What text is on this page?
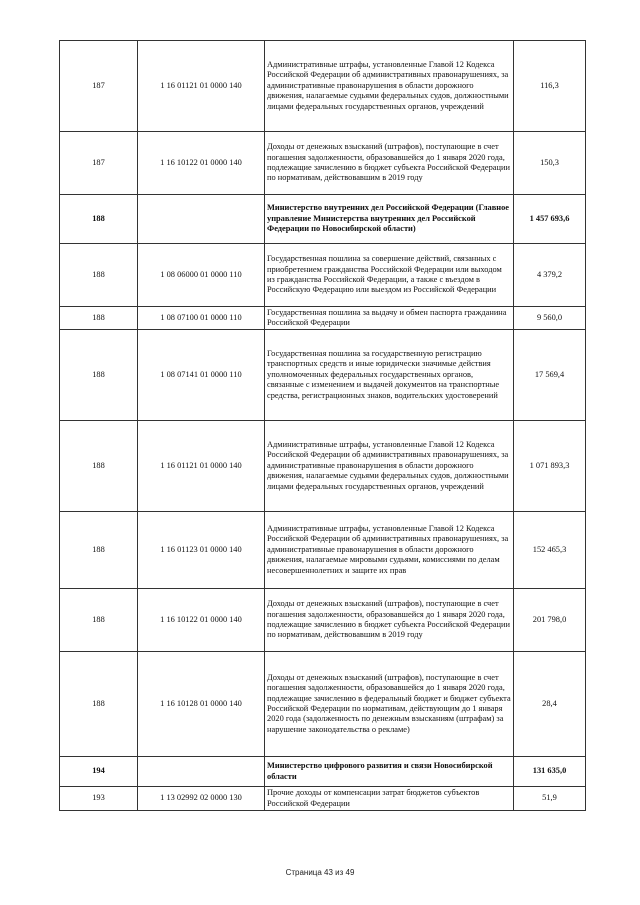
187	1 16 01121 01 0000 140	Административные штрафы, установленные Главой 12 Кодекса Российской Федерации об административных правонарушениях, за административные правонарушения в области дорожного движения, налагаемые судьями федеральных судов, должностными лицами федеральных государственных органов, учреждений	116,3
187	1 16 10122 01 0000 140	Доходы от денежных взысканий (штрафов), поступающие в счет погашения задолженности, образовавшейся до 1 января 2020 года, подлежащие зачислению в бюджет субъекта Российской Федерации по нормативам, действовавшим в 2019 году	150,3
188		Министерство внутренних дел Российской Федерации (Главное управление Министерства внутренних дел Российской Федерации по Новосибирской области)	1 457 693,6
188	1 08 06000 01 0000 110	Государственная пошлина за совершение действий, связанных с приобретением гражданства Российской Федерации или выходом из гражданства Российской Федерации, а также с въездом в Российскую Федерацию или выездом из Российской Федерации	4 379,2
188	1 08 07100 01 0000 110	Государственная пошлина за выдачу и обмен паспорта гражданина Российской Федерации	9 560,0
188	1 08 07141 01 0000 110	Государственная пошлина за государственную регистрацию транспортных средств и иные юридически значимые действия уполномоченных федеральных государственных органов, связанные с изменением и выдачей документов на транспортные средства, регистрационных знаков, водительских удостоверений	17 569,4
188	1 16 01121 01 0000 140	Административные штрафы, установленные Главой 12 Кодекса Российской Федерации об административных правонарушениях, за административные правонарушения в области дорожного движения, налагаемые судьями федеральных судов, должностными лицами федеральных государственных органов, учреждений	1 071 893,3
188	1 16 01123 01 0000 140	Административные штрафы, установленные Главой 12 Кодекса Российской Федерации об административных правонарушениях, за административные правонарушения в области дорожного движения, налагаемые мировыми судьями, комиссиями по делам несовершеннолетних и защите их прав	152 465,3
188	1 16 10122 01 0000 140	Доходы от денежных взысканий (штрафов), поступающие в счет погашения задолженности, образовавшейся до 1 января 2020 года, подлежащие зачислению в бюджет субъекта Российской Федерации по нормативам, действовавшим в 2019 году	201 798,0
188	1 16 10128 01 0000 140	Доходы от денежных взысканий (штрафов), поступающие в счет погашения задолженности, образовавшейся до 1 января 2020 года, подлежащие зачислению в федеральный бюджет и бюджет субъекта Российской Федерации по нормативам, действующим до 1 января 2020 года (задолженность по денежным взысканиям (штрафам) за нарушение законодательства о рекламе)	28,4
194		Министерство цифрового развития и связи Новосибирской области	131 635,0
193	1 13 02992 02 0000 130	Прочие доходы от компенсации затрат бюджетов субъектов Российской Федерации	51,9
Страница 43 из 49
